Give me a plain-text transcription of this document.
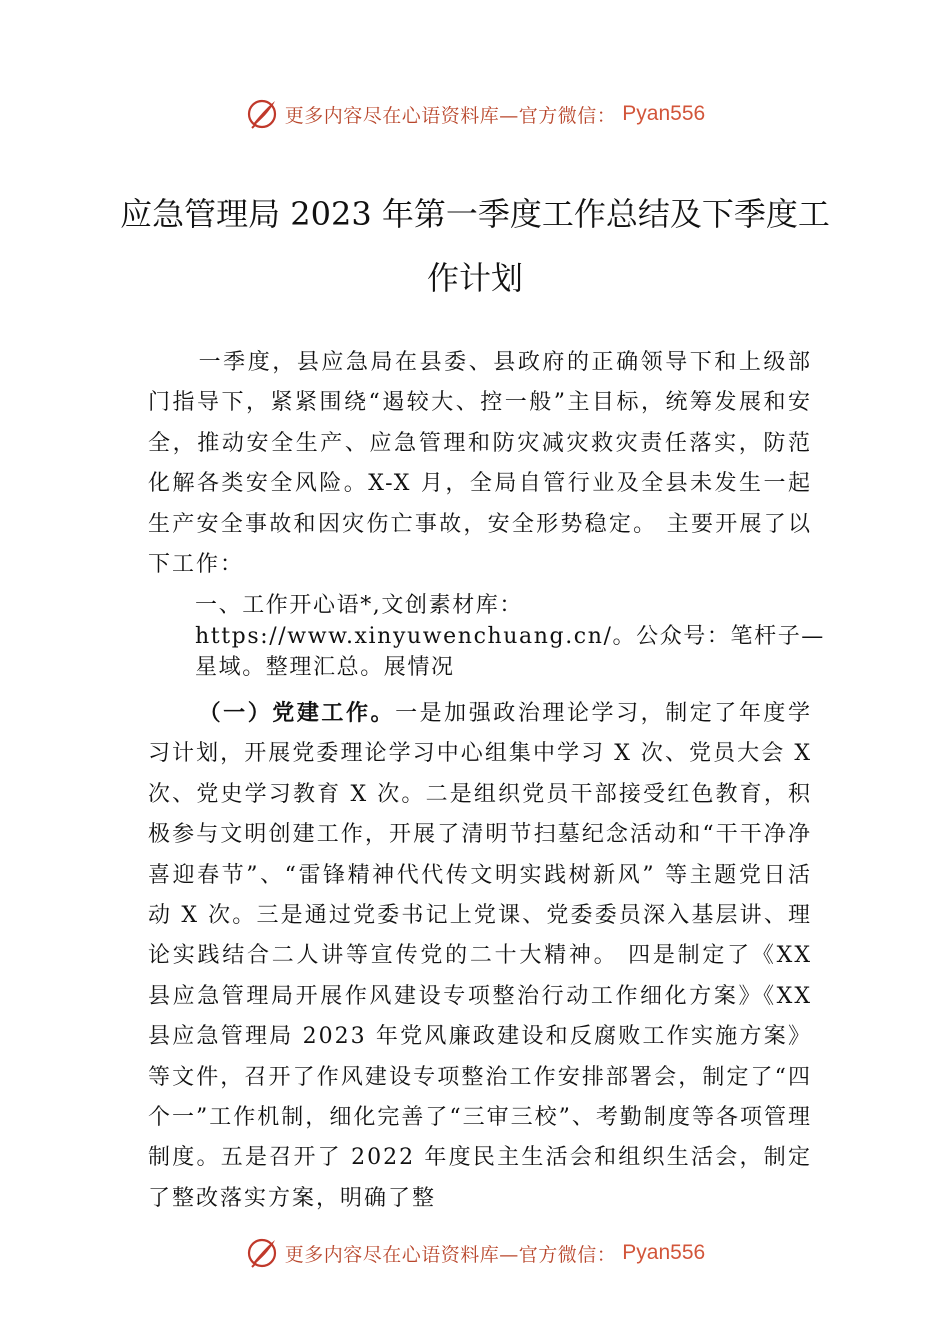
更多内容尽在心语资料库—官方微信： Pyan556
应急管理局 2023 年第一季度工作总结及下季度工作计划

一季度，县应急局在县委、县政府的正确领导下和上级部门指导下，紧紧围绕“遏较大、控一般”主目标，统筹发展和安全，推动安全生产、应急管理和防灾减灾救灾责任落实，防范化解各类安全风险。X-X 月，全局自管行业及全县未发生一起生产安全事故和因灾伤亡事故，安全形势稳定。 主要开展了以下工作：

一、工作开心语*,文创素材库：https://www.xinyuwenchuang.cn/。公众号：笔杆子—星域。整理汇总。展情况

（一）党建工作。一是加强政治理论学习，制定了年度学习计划，开展党委理论学习中心组集中学习 X 次、党员大会 X 次、党史学习教育 X 次。二是组织党员干部接受红色教育，积极参与文明创建工作，开展了清明节扫墓纪念活动和“干干净净喜迎春节”、“雷锋精神代代传文明实践树新风” 等主题党日活动 X 次。三是通过党委书记上党课、党委委员深入基层讲、理论实践结合二人讲等宣传党的二十大精神。 四是制定了《XX 县应急管理局开展作风建设专项整治行动工作细化方案》《XX 县应急管理局 2023 年党风廉政建设和反腐败工作实施方案》等文件，召开了作风建设专项整治工作安排部署会，制定了“四个一”工作机制，细化完善了“三审三校”、考勤制度等各项管理制度。五是召开了 2022 年度民主生活会和组织生活会，制定了整改落实方案，明确了整

更多内容尽在心语资料库—官方微信： Pyan556
